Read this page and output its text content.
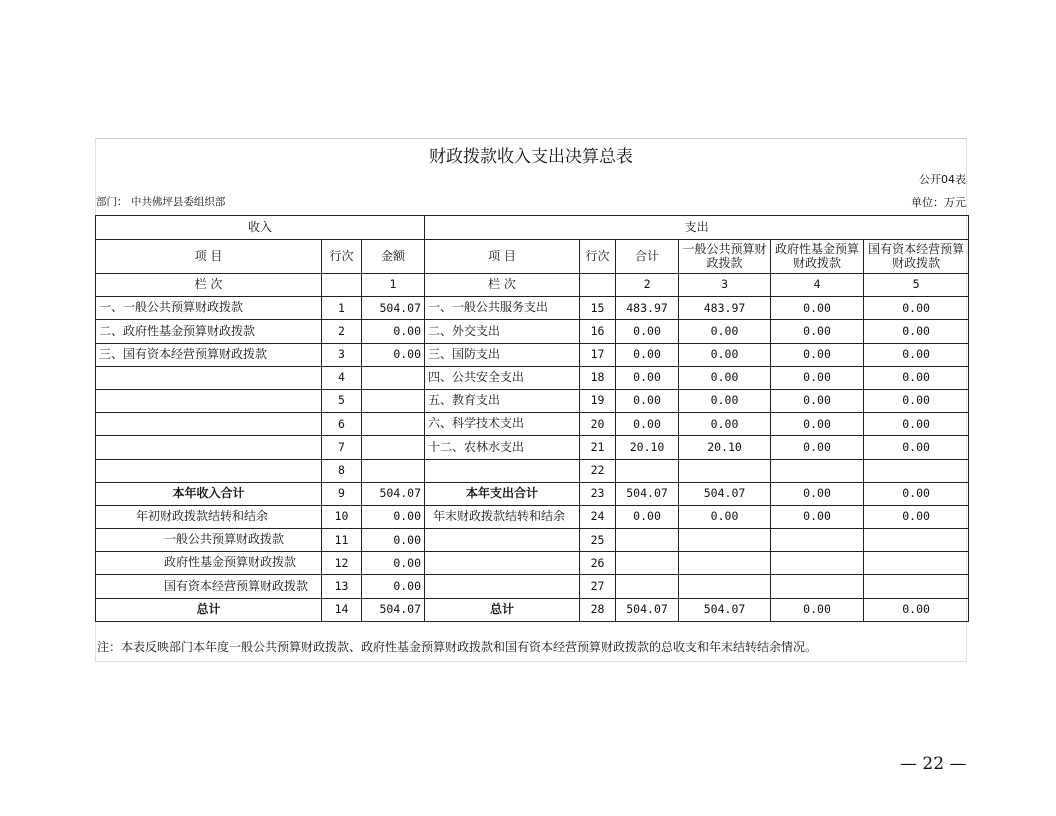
财政拨款收入支出决算总表
公开04表
部门： 中共佛坪县委组织部	单位：万元
收入			支出					
项 目	行次	金额	项 目	行次	合计	一般公共预算财政拨款	政府性基金预算财政拨款	国有资本经营预算财政拨款
栏 次		1	栏 次		2	3	4	5
一、一般公共预算财政拨款	1	504.07	一、一般公共服务支出	15	483.97	483.97	0.00	0.00
二、政府性基金预算财政拨款	2	0.00	二、外交支出	16	0.00	0.00	0.00	0.00
三、国有资本经营预算财政拨款	3	0.00	三、国防支出	17	0.00	0.00	0.00	0.00
	4		四、公共安全支出	18	0.00	0.00	0.00	0.00
	5		五、教育支出	19	0.00	0.00	0.00	0.00
	6		六、科学技术支出	20	0.00	0.00	0.00	0.00
	7		十二、农林水支出	21	20.10	20.10	0.00	0.00
	8			22				
本年收入合计	9	504.07	本年支出合计	23	504.07	504.07	0.00	0.00
年初财政拨款结转和结余	10	0.00	年末财政拨款结转和结余	24	0.00	0.00	0.00	0.00
一般公共预算财政拨款	11	0.00		25				
政府性基金预算财政拨款	12	0.00		26				
国有资本经营预算财政拨款	13	0.00		27				
总计	14	504.07	总计	28	504.07	504.07	0.00	0.00
注：本表反映部门本年度一般公共预算财政拨款、政府性基金预算财政拨款和国有资本经营预算财政拨款的总收支和年末结转结余情况。
— 22 —
